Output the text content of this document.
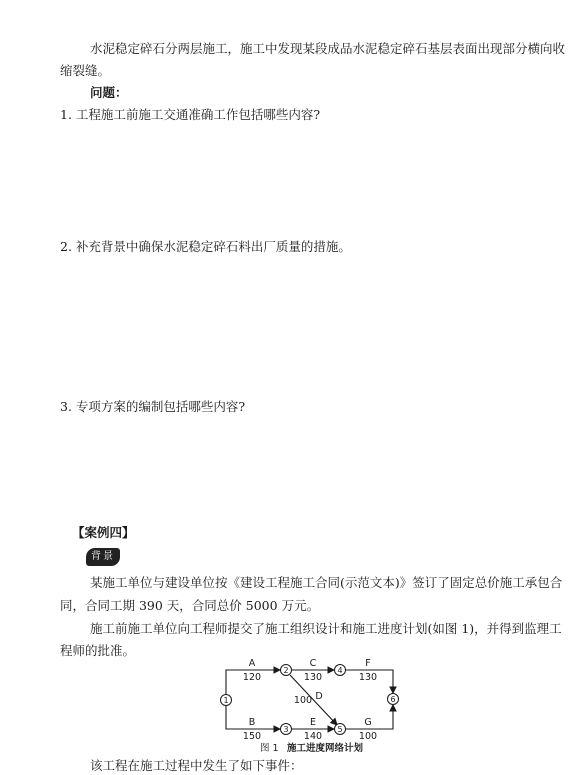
水泥稳定碎石分两层施工，施工中发现某段成品水泥稳定碎石基层表面出现部分横向收
缩裂缝。
问题：
1. 工程施工前施工交通准确工作包括哪些内容?
2. 补充背景中确保水泥稳定碎石料出厂质量的措施。
3. 专项方案的编制包括哪些内容?
【案例四】
背景
某施工单位与建设单位按《建设工程施工合同(示范文本)》签订了固定总价施工承包合
同，合同工期 390 天，合同总价 5000 万元。
施工前施工单位向工程师提交了施工组织设计和施工进度计划(如图 1)，并得到监理工
程师的批准。
1
2
3
4
5
6
A
120
B
150
C
130
D
100
E
140
F
130
G
100
图 1 施工进度网络计划
该工程在施工过程中发生了如下事件：
